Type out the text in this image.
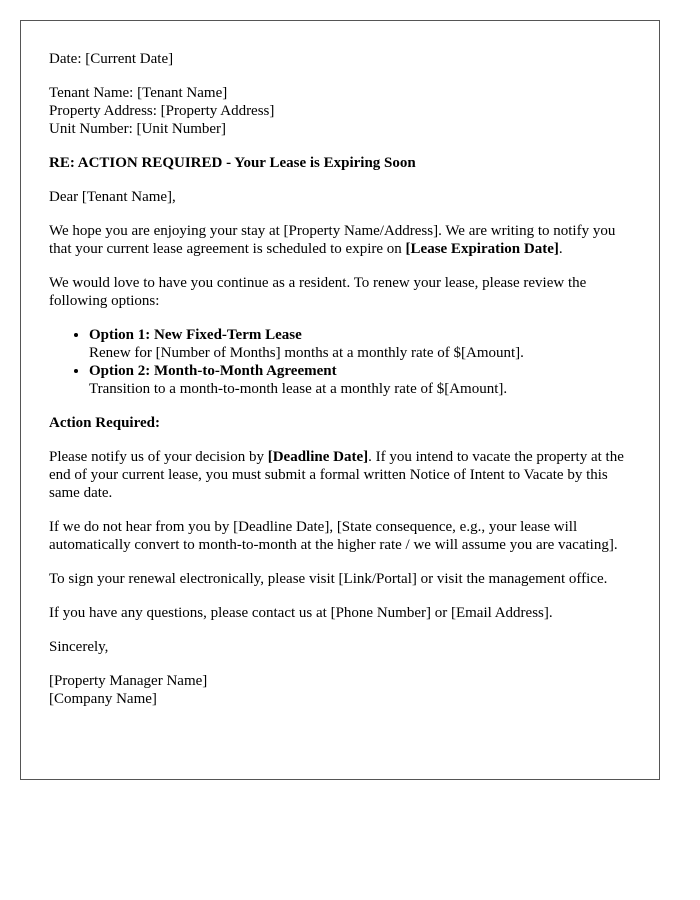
Date: [Current Date]

Tenant Name: [Tenant Name]
Property Address: [Property Address]
Unit Number: [Unit Number]

RE: ACTION REQUIRED - Your Lease is Expiring Soon

Dear [Tenant Name],

We hope you are enjoying your stay at [Property Name/Address]. We are writing to notify you that your current lease agreement is scheduled to expire on [Lease Expiration Date].

We would love to have you continue as a resident. To renew your lease, please review the following options:

• Option 1: New Fixed-Term Lease
Renew for [Number of Months] months at a monthly rate of $[Amount].
• Option 2: Month-to-Month Agreement
Transition to a month-to-month lease at a monthly rate of $[Amount].

Action Required:

Please notify us of your decision by [Deadline Date]. If you intend to vacate the property at the end of your current lease, you must submit a formal written Notice of Intent to Vacate by this same date.

If we do not hear from you by [Deadline Date], [State consequence, e.g., your lease will automatically convert to month-to-month at the higher rate / we will assume you are vacating].

To sign your renewal electronically, please visit [Link/Portal] or visit the management office.

If you have any questions, please contact us at [Phone Number] or [Email Address].

Sincerely,

[Property Manager Name]
[Company Name]
